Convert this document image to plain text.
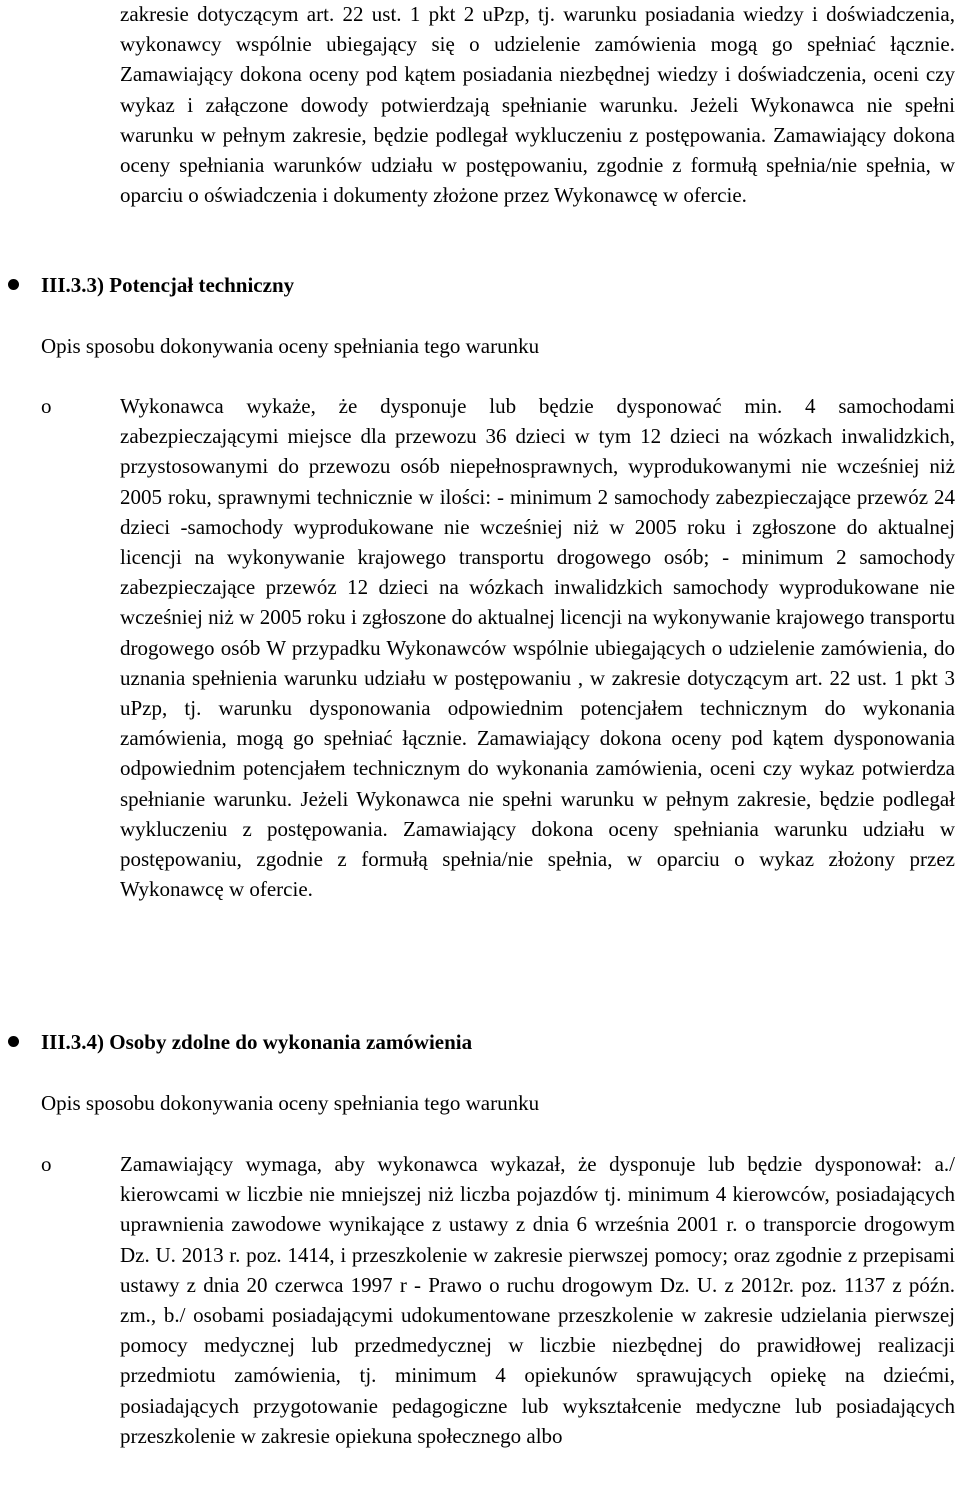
zakresie dotyczącym art. 22 ust. 1 pkt 2 uPzp, tj. warunku posiadania wiedzy i doświadczenia, wykonawcy wspólnie ubiegający się o udzielenie zamówienia mogą go spełniać łącznie. Zamawiający dokona oceny pod kątem posiadania niezbędnej wiedzy i doświadczenia, oceni czy wykaz i załączone dowody potwierdzają spełnianie warunku. Jeżeli Wykonawca nie spełni warunku w pełnym zakresie, będzie podlegał wykluczeniu z postępowania. Zamawiający dokona oceny spełniania warunków udziału w postępowaniu, zgodnie z formułą spełnia/nie spełnia, w oparciu o oświadczenia i dokumenty złożone przez Wykonawcę w ofercie.

III.3.3) Potencjał techniczny
Opis sposobu dokonywania oceny spełniania tego warunku
o	Wykonawca wykaże, że dysponuje lub będzie dysponować min. 4 samochodami zabezpieczającymi miejsce dla przewozu 36 dzieci w tym 12 dzieci na wózkach inwalidzkich, przystosowanymi do przewozu osób niepełnosprawnych, wyprodukowanymi nie wcześniej niż 2005 roku, sprawnymi technicznie w ilości: - minimum 2 samochody zabezpieczające przewóz 24 dzieci -samochody wyprodukowane nie wcześniej niż w 2005 roku i zgłoszone do aktualnej licencji na wykonywanie krajowego transportu drogowego osób; - minimum 2 samochody zabezpieczające przewóz 12 dzieci na wózkach inwalidzkich samochody wyprodukowane nie wcześniej niż w 2005 roku i zgłoszone do aktualnej licencji na wykonywanie krajowego transportu drogowego osób W przypadku Wykonawców wspólnie ubiegających o udzielenie zamówienia, do uznania spełnienia warunku udziału w postępowaniu , w zakresie dotyczącym art. 22 ust. 1 pkt 3 uPzp, tj. warunku dysponowania odpowiednim potencjałem technicznym do wykonania zamówienia, mogą go spełniać łącznie. Zamawiający dokona oceny pod kątem dysponowania odpowiednim potencjałem technicznym do wykonania zamówienia, oceni czy wykaz potwierdza spełnianie warunku. Jeżeli Wykonawca nie spełni warunku w pełnym zakresie, będzie podlegał wykluczeniu z postępowania. Zamawiający dokona oceny spełniania warunku udziału w postępowaniu, zgodnie z formułą spełnia/nie spełnia, w oparciu o wykaz złożony przez Wykonawcę w ofercie.

III.3.4) Osoby zdolne do wykonania zamówienia
Opis sposobu dokonywania oceny spełniania tego warunku
o	Zamawiający wymaga, aby wykonawca wykazał, że dysponuje lub będzie dysponował: a./ kierowcami w liczbie nie mniejszej niż liczba pojazdów tj. minimum 4 kierowców, posiadających uprawnienia zawodowe wynikające z ustawy z dnia 6 września 2001 r. o transporcie drogowym Dz. U. 2013 r. poz. 1414, i przeszkolenie w zakresie pierwszej pomocy; oraz zgodnie z przepisami ustawy z dnia 20 czerwca 1997 r - Prawo o ruchu drogowym Dz. U. z 2012r. poz. 1137 z późn. zm., b./ osobami posiadającymi udokumentowane przeszkolenie w zakresie udzielania pierwszej pomocy medycznej lub przedmedycznej w liczbie niezbędnej do prawidłowej realizacji przedmiotu zamówienia, tj. minimum 4 opiekunów sprawujących opiekę na dziećmi, posiadających przygotowanie pedagogiczne lub wykształcenie medyczne lub posiadających przeszkolenie w zakresie opiekuna społecznego albo
